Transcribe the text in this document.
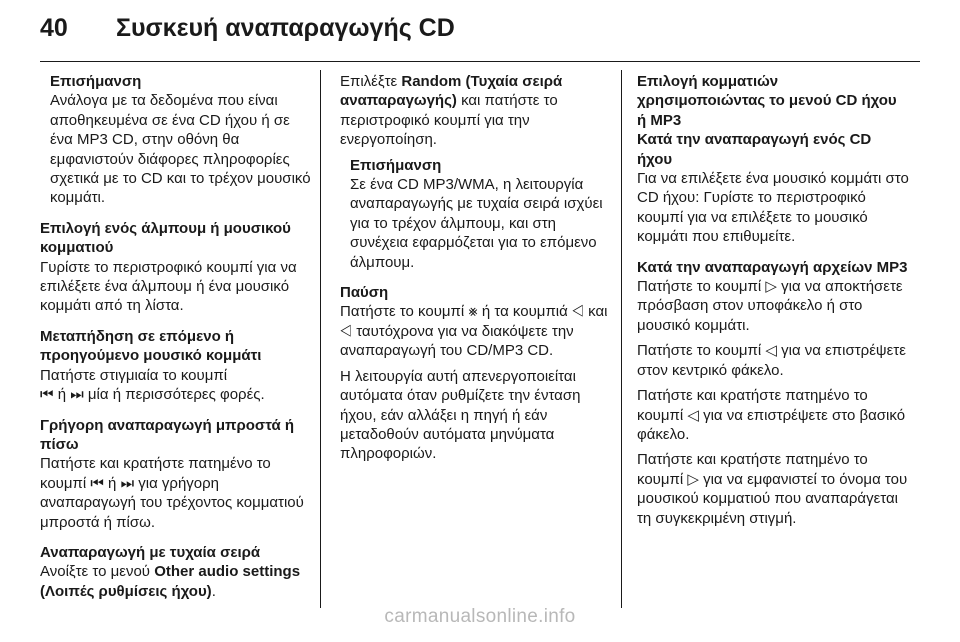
40 Συσκευή αναπαραγωγής CD

Επισήμανση

Ανάλογα με τα δεδομένα που είναι αποθηκευμένα σε ένα CD ήχου ή σε ένα MP3 CD, στην οθόνη θα εμφανιστούν διάφορες πληροφορίες σχετικά με το CD και το τρέχον μουσικό κομμάτι.

Επιλογή ενός άλμπουμ ή μουσικού κομματιού

Γυρίστε το περιστροφικό κουμπί για να επιλέξετε ένα άλμπουμ ή ένα μουσικό κομμάτι από τη λίστα.

Μεταπήδηση σε επόμενο ή προηγούμενο μουσικό κομμάτι

Πατήστε στιγμιαία το κουμπί
⏮ ή ⏭ μία ή περισσότερες φορές.

Γρήγορη αναπαραγωγή μπροστά ή πίσω

Πατήστε και κρατήστε πατημένο το κουμπί ⏮ ή ⏭ για γρήγορη αναπαραγωγή του τρέχοντος κομματιού μπροστά ή πίσω.

Αναπαραγωγή με τυχαία σειρά

Ανοίξτε το μενού Other audio settings (Λοιπές ρυθμίσεις ήχου).

Επιλέξτε Random (Τυχαία σειρά αναπαραγωγής) και πατήστε το περιστροφικό κουμπί για την ενεργοποίηση.

Επισήμανση

Σε ένα CD MP3/WMA, η λειτουργία αναπαραγωγής με τυχαία σειρά ισχύει για το τρέχον άλμπουμ, και στη συνέχεια εφαρμόζεται για το επόμενο άλμπουμ.

Παύση

Πατήστε το κουμπί ⨳ ή τα κουμπιά ◁ και ◁ ταυτόχρονα για να διακόψετε την αναπαραγωγή του CD/MP3 CD.

Η λειτουργία αυτή απενεργοποιείται αυτόματα όταν ρυθμίζετε την ένταση ήχου, εάν αλλάξει η πηγή ή εάν μεταδοθούν αυτόματα μηνύματα πληροφοριών.

Επιλογή κομματιών χρησιμοποιώντας το μενού CD ήχου ή MP3

Κατά την αναπαραγωγή ενός CD ήχου

Για να επιλέξετε ένα μουσικό κομμάτι στο CD ήχου: Γυρίστε το περιστροφικό κουμπί για να επιλέξετε το μουσικό κομμάτι που επιθυμείτε.

Κατά την αναπαραγωγή αρχείων MP3

Πατήστε το κουμπί ▷ για να αποκτήσετε πρόσβαση στον υποφάκελο ή στο μουσικό κομμάτι.

Πατήστε το κουμπί ◁ για να επιστρέψετε στον κεντρικό φάκελο.

Πατήστε και κρατήστε πατημένο το κουμπί ◁ για να επιστρέψετε στο βασικό φάκελο.

Πατήστε και κρατήστε πατημένο το κουμπί ▷ για να εμφανιστεί το όνομα του μουσικού κομματιού που αναπαράγεται τη συγκεκριμένη στιγμή.

carmanualsonline.info
